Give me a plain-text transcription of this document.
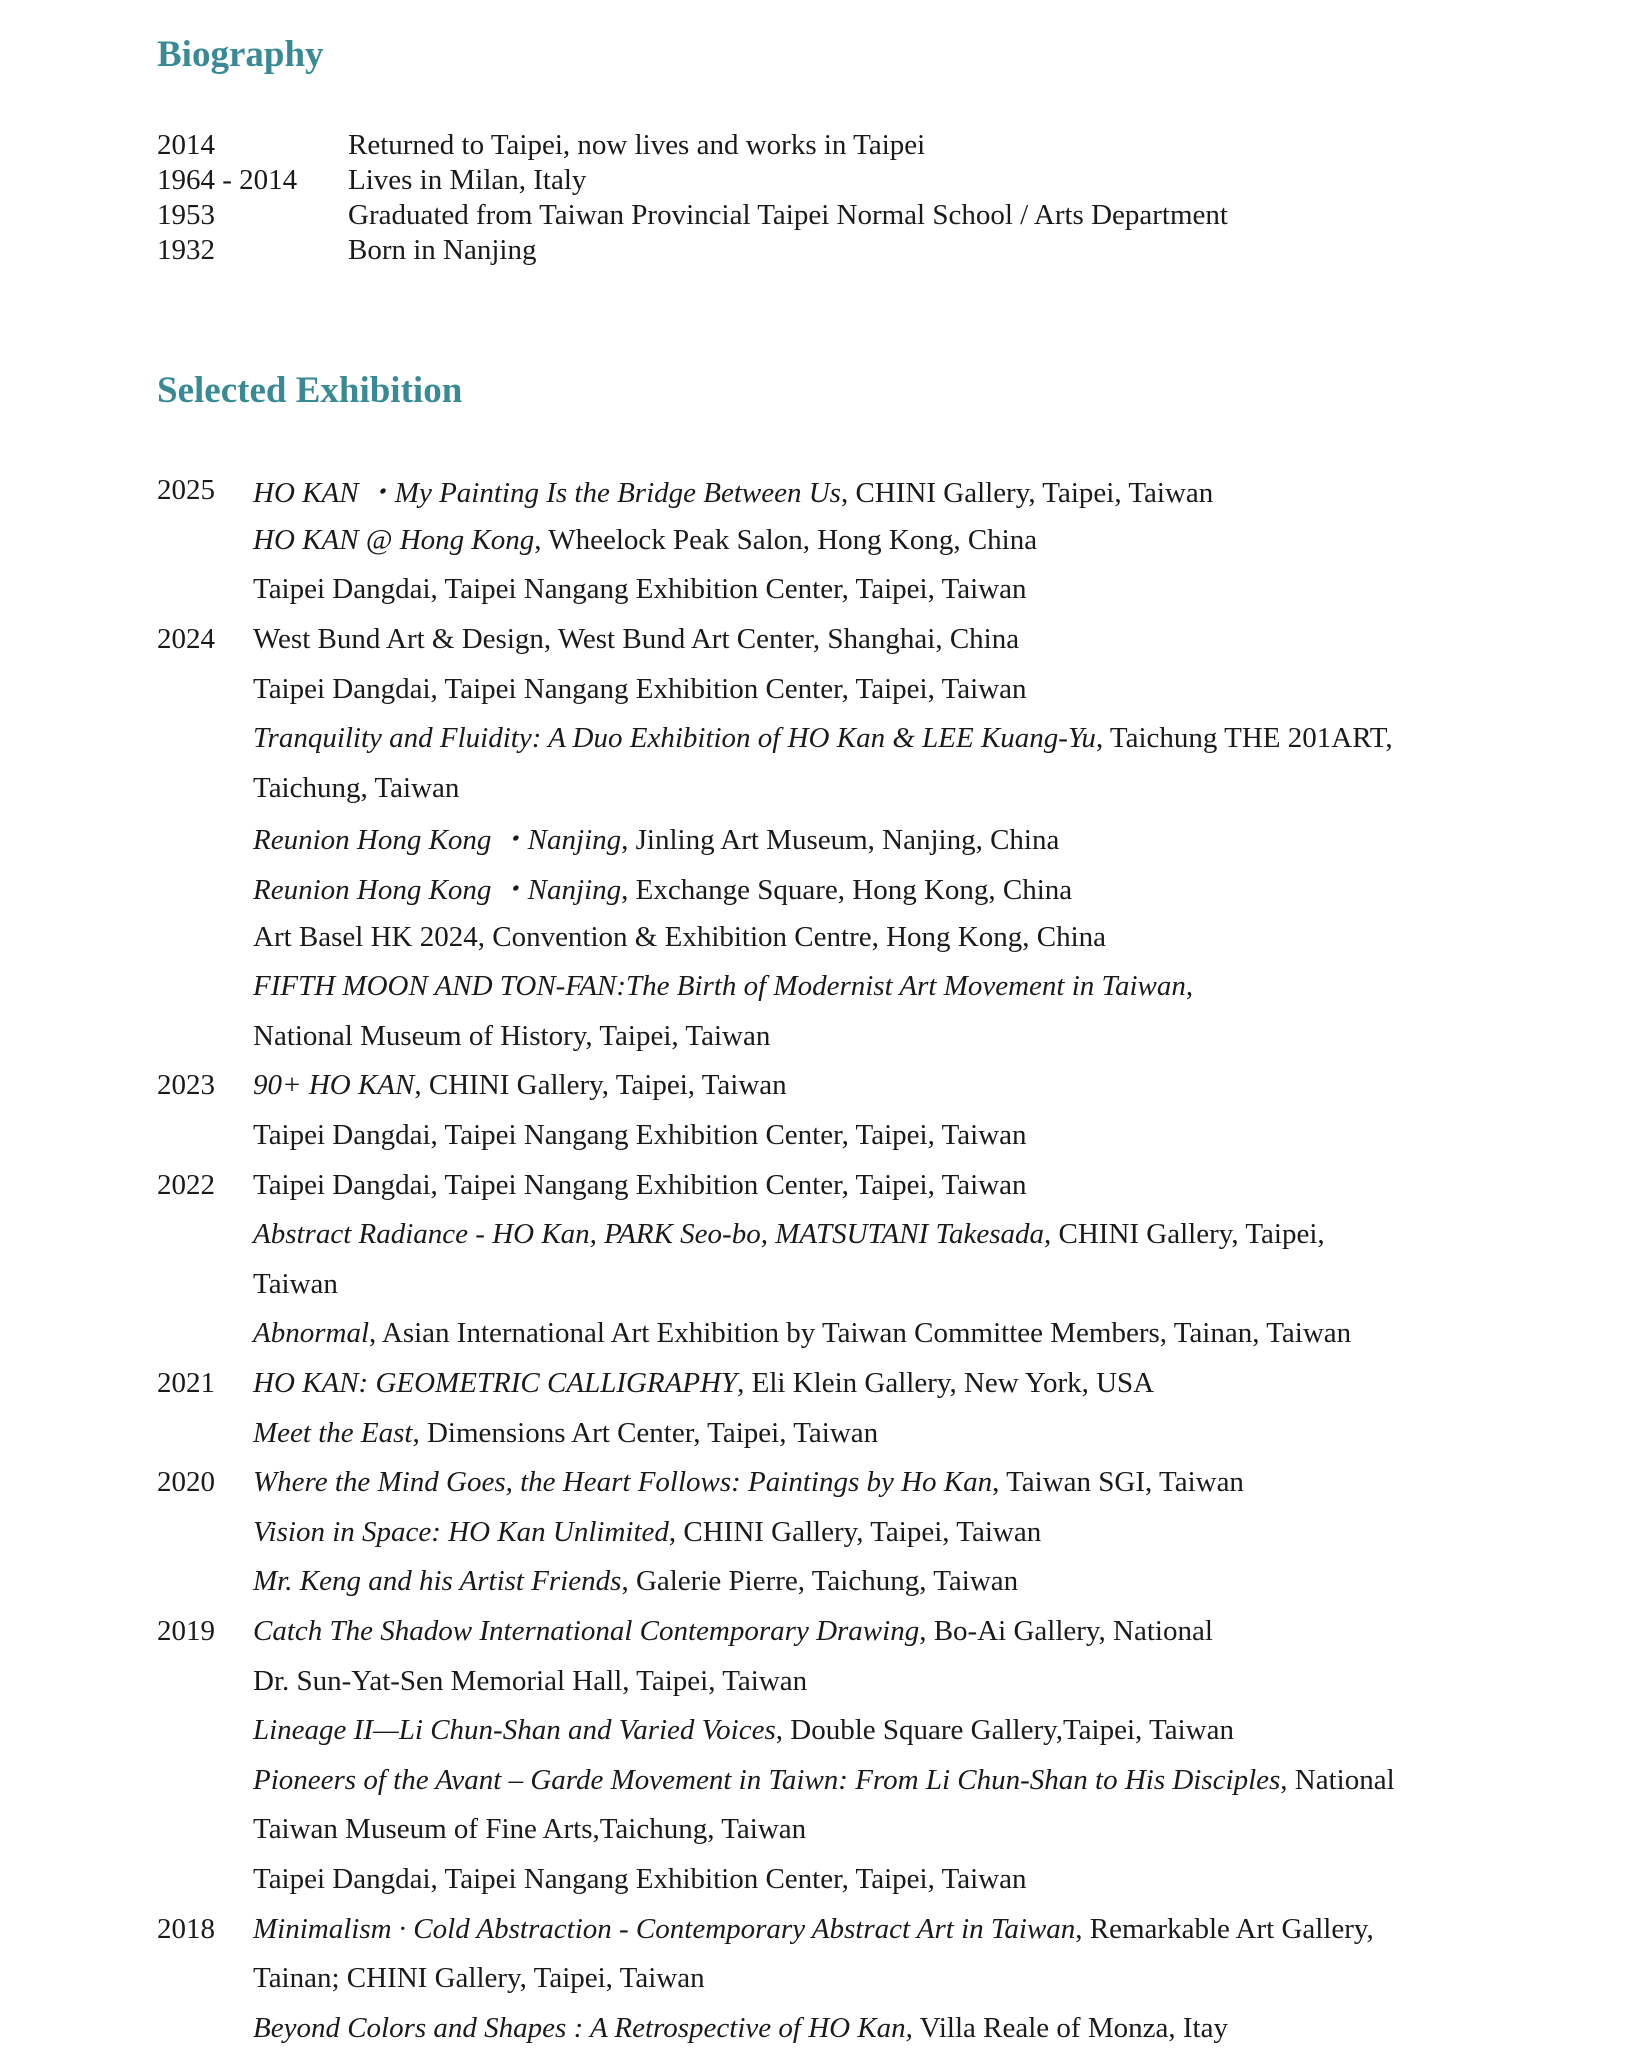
Biography
2014	Returned to Taipei, now lives and works in Taipei
1964 - 2014	Lives in Milan, Italy
1953	Graduated from Taiwan Provincial Taipei Normal School / Arts Department
1932	Born in Nanjing
Selected Exhibition
2025	HO KAN ・My Painting Is the Bridge Between Us, CHINI Gallery, Taipei, Taiwan
HO KAN @ Hong Kong, Wheelock Peak Salon, Hong Kong, China
Taipei Dangdai, Taipei Nangang Exhibition Center, Taipei, Taiwan
2024	West Bund Art & Design, West Bund Art Center, Shanghai, China
Taipei Dangdai, Taipei Nangang Exhibition Center, Taipei, Taiwan
Tranquility and Fluidity: A Duo Exhibition of HO Kan & LEE Kuang-Yu, Taichung THE 201ART,
Taichung, Taiwan
Reunion Hong Kong ・Nanjing, Jinling Art Museum, Nanjing, China
Reunion Hong Kong ・Nanjing, Exchange Square, Hong Kong, China
Art Basel HK 2024, Convention & Exhibition Centre, Hong Kong, China
FIFTH MOON AND TON-FAN:The Birth of Modernist Art Movement in Taiwan,
National Museum of History, Taipei, Taiwan
2023	90+ HO KAN, CHINI Gallery, Taipei, Taiwan
Taipei Dangdai, Taipei Nangang Exhibition Center, Taipei, Taiwan
2022	Taipei Dangdai, Taipei Nangang Exhibition Center, Taipei, Taiwan
Abstract Radiance - HO Kan, PARK Seo-bo, MATSUTANI Takesada, CHINI Gallery, Taipei,
Taiwan
Abnormal, Asian International Art Exhibition by Taiwan Committee Members, Tainan, Taiwan
2021	HO KAN: GEOMETRIC CALLIGRAPHY, Eli Klein Gallery, New York, USA
Meet the East, Dimensions Art Center, Taipei, Taiwan
2020	Where the Mind Goes, the Heart Follows: Paintings by Ho Kan, Taiwan SGI, Taiwan
Vision in Space: HO Kan Unlimited, CHINI Gallery, Taipei, Taiwan
Mr. Keng and his Artist Friends, Galerie Pierre, Taichung, Taiwan
2019	Catch The Shadow International Contemporary Drawing, Bo-Ai Gallery, National
Dr. Sun-Yat-Sen Memorial Hall, Taipei, Taiwan
Lineage II—Li Chun-Shan and Varied Voices, Double Square Gallery,Taipei, Taiwan
Pioneers of the Avant – Garde Movement in Taiwn: From Li Chun-Shan to His Disciples, National
Taiwan Museum of Fine Arts,Taichung, Taiwan
Taipei Dangdai, Taipei Nangang Exhibition Center, Taipei, Taiwan
2018	Minimalism · Cold Abstraction - Contemporary Abstract Art in Taiwan, Remarkable Art Gallery,
Tainan; CHINI Gallery, Taipei, Taiwan
Beyond Colors and Shapes : A Retrospective of HO Kan, Villa Reale of Monza, Itay
